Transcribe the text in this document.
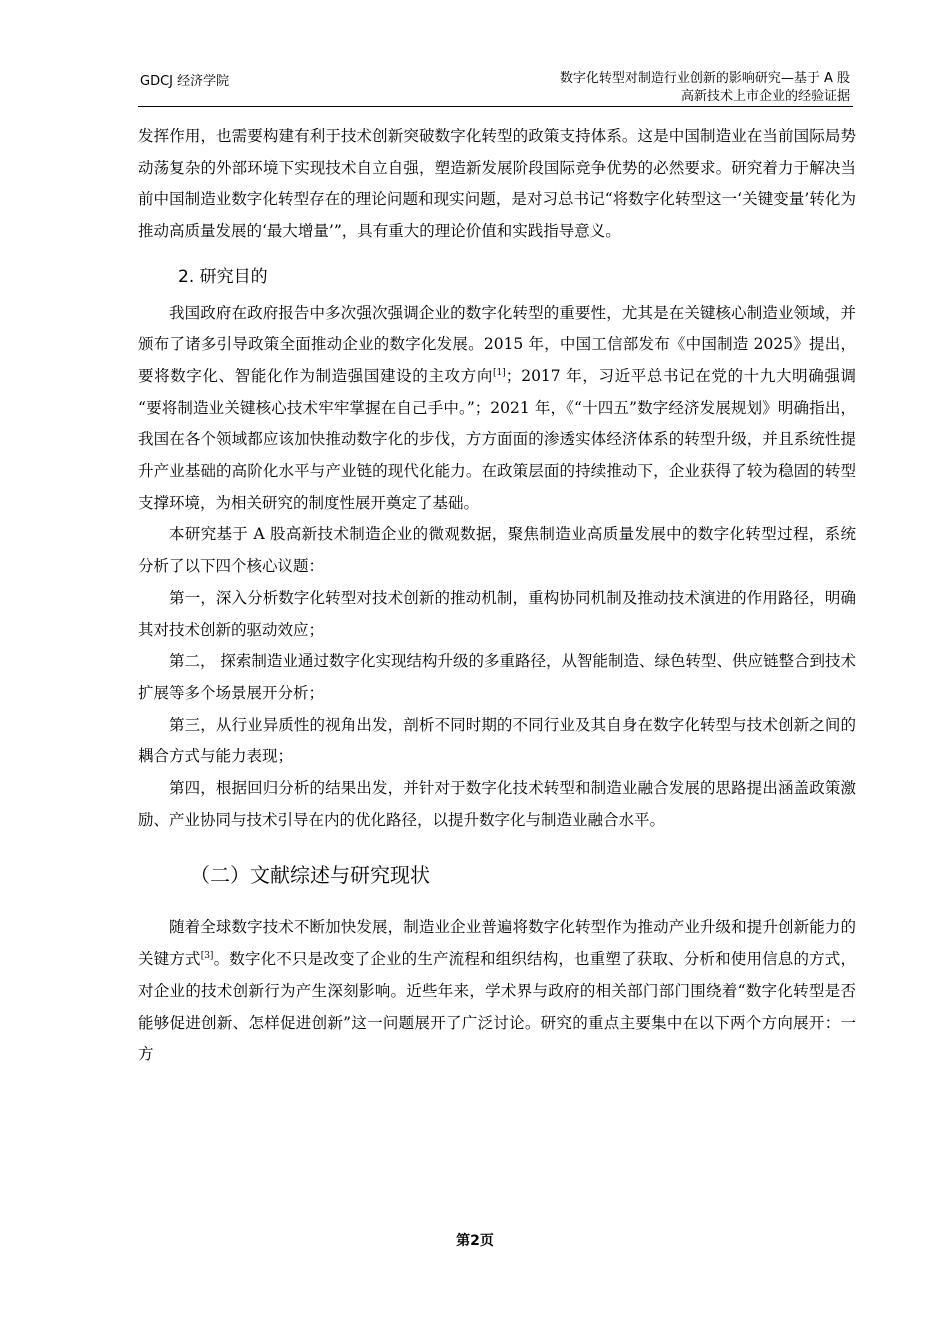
GDCJ 经济学院	数字化转型对制造行业创新的影响研究—基于 A 股
高新技术上市企业的经验证据

发挥作用，也需要构建有利于技术创新突破数字化转型的政策支持体系。这是中国制造业在当前国际局势动荡复杂的外部环境下实现技术自立自强，塑造新发展阶段国际竞争优势的必然要求。研究着力于解决当前中国制造业数字化转型存在的理论问题和现实问题，是对习总书记“将数字化转型这一‘关键变量’转化为推动高质量发展的‘最大增量’”，具有重大的理论价值和实践指导意义。

2. 研究目的

我国政府在政府报告中多次强次强调企业的数字化转型的重要性，尤其是在关键核心制造业领域，并颁布了诸多引导政策全面推动企业的数字化发展。2015 年，中国工信部发布《中国制造 2025》提出，要将数字化、智能化作为制造强国建设的主攻方向[1]；2017 年，习近平总书记在党的十九大明确强调 “要将制造业关键核心技术牢牢掌握在自己手中。”；2021 年，《“十四五”数字经济发展规划》明确指出，我国在各个领域都应该加快推动数字化的步伐，方方面面的渗透实体经济体系的转型升级，并且系统性提升产业基础的高阶化水平与产业链的现代化能力。在政策层面的持续推动下，企业获得了较为稳固的转型支撑环境，为相关研究的制度性展开奠定了基础。

本研究基于 A 股高新技术制造企业的微观数据，聚焦制造业高质量发展中的数字化转型过程，系统分析了以下四个核心议题：

第一，深入分析数字化转型对技术创新的推动机制，重构协同机制及推动技术演进的作用路径，明确其对技术创新的驱动效应；

第二， 探索制造业通过数字化实现结构升级的多重路径，从智能制造、绿色转型、供应链整合到技术扩展等多个场景展开分析；

第三，从行业异质性的视角出发，剖析不同时期的不同行业及其自身在数字化转型与技术创新之间的耦合方式与能力表现；

第四，根据回归分析的结果出发，并针对于数字化技术转型和制造业融合发展的思路提出涵盖政策激励、产业协同与技术引导在内的优化路径，以提升数字化与制造业融合水平。

（二）文献综述与研究现状

随着全球数字技术不断加快发展，制造业企业普遍将数字化转型作为推动产业升级和提升创新能力的关键方式[3]。数字化不只是改变了企业的生产流程和组织结构，也重塑了获取、分析和使用信息的方式，对企业的技术创新行为产生深刻影响。近些年来，学术界与政府的相关部门部门围绕着“数字化转型是否能够促进创新、怎样促进创新”这一问题展开了广泛讨论。研究的重点主要集中在以下两个方向展开：一方

第2页
